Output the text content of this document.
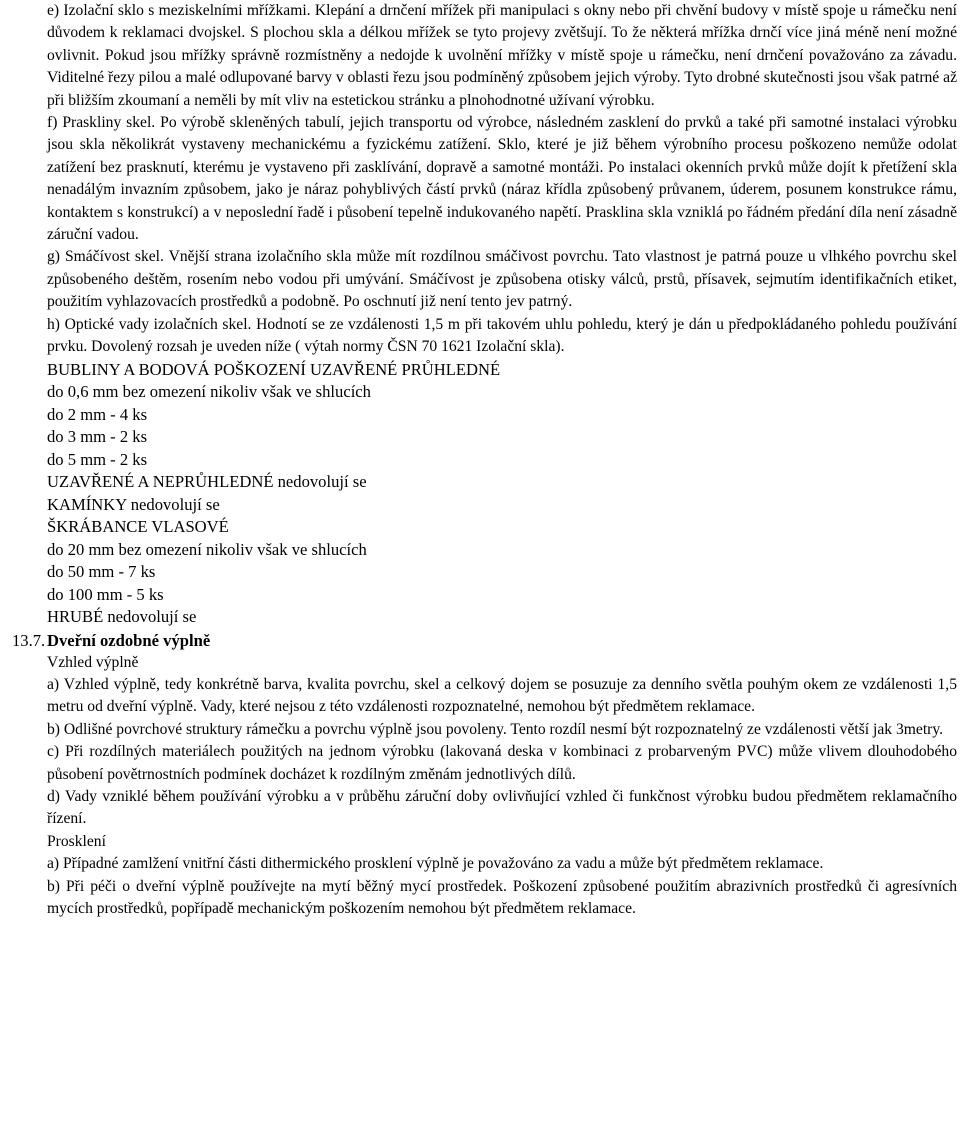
e) Izolační sklo s meziskelními mřížkami. Klepání a drnčení mřížek při manipulaci s okny nebo při chvění budovy v místě spoje u rámečku není důvodem k reklamaci dvojskel. S plochou skla a délkou mřížek se tyto projevy zvětšují. To že některá mřížka drnčí více jiná méně není možné ovlivnit. Pokud jsou mřížky správně rozmístněny a nedojde k uvolnění mřížky v místě spoje u rámečku, není drnčení považováno za závadu. Viditelné řezy pilou a malé odlupované barvy v oblasti řezu jsou podmíněný způsobem jejich výroby. Tyto drobné skutečnosti jsou však patrné až při bližším zkoumaní a neměli by mít vliv na estetickou stránku a plnohodnotné užívaní výrobku.

f) Praskliny skel. Po výrobě skleněných tabulí, jejich transportu od výrobce, následném zasklení do prvků a také při samotné instalaci výrobku jsou skla několikrát vystaveny mechanickému a fyzickému zatížení. Sklo, které je již během výrobního procesu poškozeno nemůže odolat zatížení bez prasknutí, kterému je vystaveno při zasklívání, dopravě a samotné montáži. Po instalaci okenních prvků může dojít k přetížení skla nenadálým invazním způsobem, jako je náraz pohyblivých částí prvků (náraz křídla způsobený průvanem, úderem, posunem konstrukce rámu, kontaktem s konstrukcí) a v neposlední řadě i působení tepelně indukovaného napětí. Prasklina skla vzniklá po řádném předání díla není zásadně záruční vadou.

g) Smáčívost skel. Vnější strana izolačního skla může mít rozdílnou smáčivost povrchu. Tato vlastnost je patrná pouze u vlhkého povrchu skel způsobeného deštěm, rosením nebo vodou při umývání. Smáčívost je způsobena otisky válců, prstů, přísavek, sejmutím identifikačních etiket, použitím vyhlazovacích prostředků a podobně. Po oschnutí již není tento jev patrný.

h) Optické vady izolačních skel. Hodnotí se ze vzdálenosti 1,5 m při takovém uhlu pohledu, který je dán u předpokládaného pohledu používání prvku. Dovolený rozsah je uveden níže ( výtah normy ČSN 70 1621 Izolační skla).

BUBLINY A BODOVÁ POŠKOZENÍ UZAVŘENÉ PRŮHLEDNÉ
do 0,6 mm bez omezení nikoliv však ve shlucích
do 2 mm - 4 ks
do 3 mm - 2 ks
do 5 mm - 2 ks
UZAVŘENÉ A NEPRŮHLEDNÉ nedovolují se
KAMÍNKY nedovolují se
ŠKRÁBANCE VLASOVÉ
do 20 mm bez omezení nikoliv však ve shlucích
do 50 mm - 7 ks
do 100 mm - 5 ks
HRUBÉ nedovolují se
13.7. Dveřní ozdobné výplně

Vzhled výplně

a) Vzhled výplně, tedy konkrétně barva, kvalita povrchu, skel a celkový dojem se posuzuje za denního světla pouhým okem ze vzdálenosti 1,5 metru od dveřní výplně. Vady, které nejsou z této vzdálenosti rozpoznatelné, nemohou být předmětem reklamace.

b) Odlišné povrchové struktury rámečku a povrchu výplně jsou povoleny. Tento rozdíl nesmí být rozpoznatelný ze vzdálenosti větší jak 3metry.

c) Při rozdílných materiálech použitých na jednom výrobku (lakovaná deska v kombinaci z probarveným PVC) může vlivem dlouhodobého působení povětrnostních podmínek docházet k rozdílným změnám jednotlivých dílů.

d) Vady vzniklé během používání výrobku a v průběhu záruční doby ovlivňující vzhled či funkčnost výrobku budou předmětem reklamačního řízení.

Prosklení

a) Případné zamlžení vnitřní části dithermického prosklení výplně je považováno za vadu a může být předmětem reklamace.

b) Při péči o dveřní výplně používejte na mytí běžný mycí prostředek. Poškození způsobené použitím abrazivních prostředků či agresívních mycích prostředků, popřípadě mechanickým poškozením nemohou být předmětem reklamace.
